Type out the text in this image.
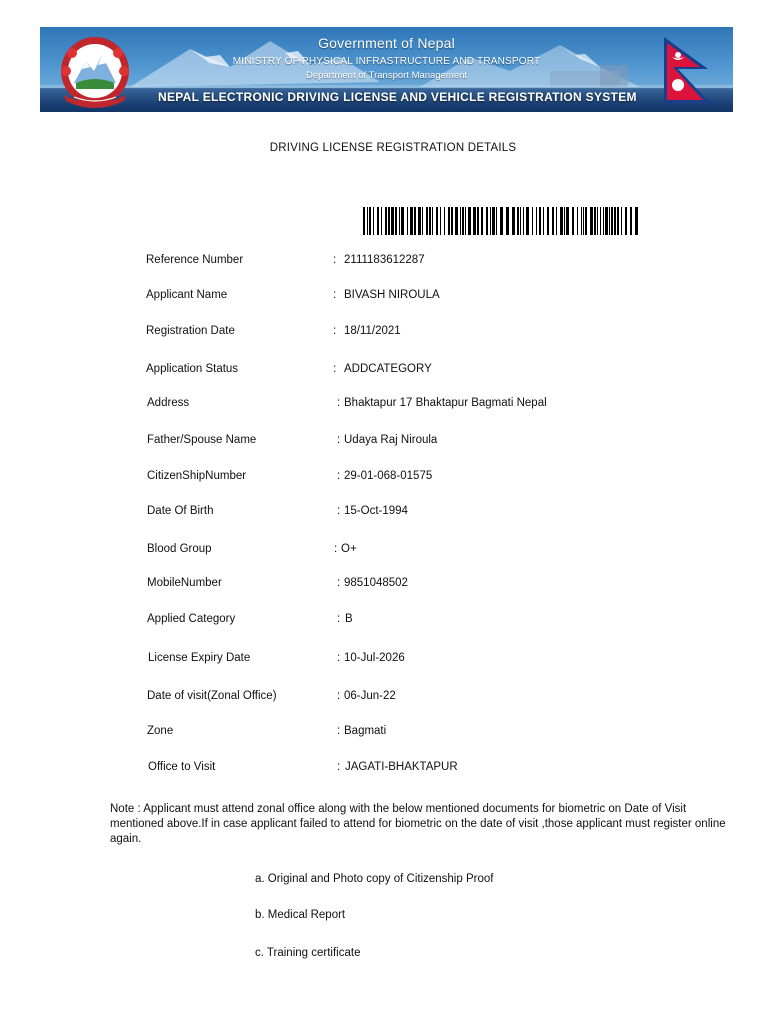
Government of Nepal
MINISTRY OF PHYSICAL INFRASTRUCTURE AND TRANSPORT
Department of Transport Management
NEPAL ELECTRONIC DRIVING LICENSE AND VEHICLE REGISTRATION SYSTEM
DRIVING LICENSE REGISTRATION DETAILS
Reference Number	: 2111183612287
Applicant Name	: BIVASH NIROULA
Registration Date	: 18/11/2021
Application Status	: ADDCATEGORY
Address	: Bhaktapur 17 Bhaktapur Bagmati Nepal
Father/Spouse Name	: Udaya Raj Niroula
CitizenShipNumber	: 29-01-068-01575
Date Of Birth	: 15-Oct-1994
Blood Group	: O+
MobileNumber	: 9851048502
Applied Category	: B
License Expiry Date	: 10-Jul-2026
Date of visit(Zonal Office)	: 06-Jun-22
Zone	: Bagmati
Office to Visit	: JAGATI-BHAKTAPUR
Note : Applicant must attend zonal office along with the below mentioned documents for biometric on Date of Visit mentioned above.If in case applicant failed to attend for biometric on the date of visit ,those applicant must register online again.
a. Original and Photo copy of Citizenship Proof
b. Medical Report
c. Training certificate
